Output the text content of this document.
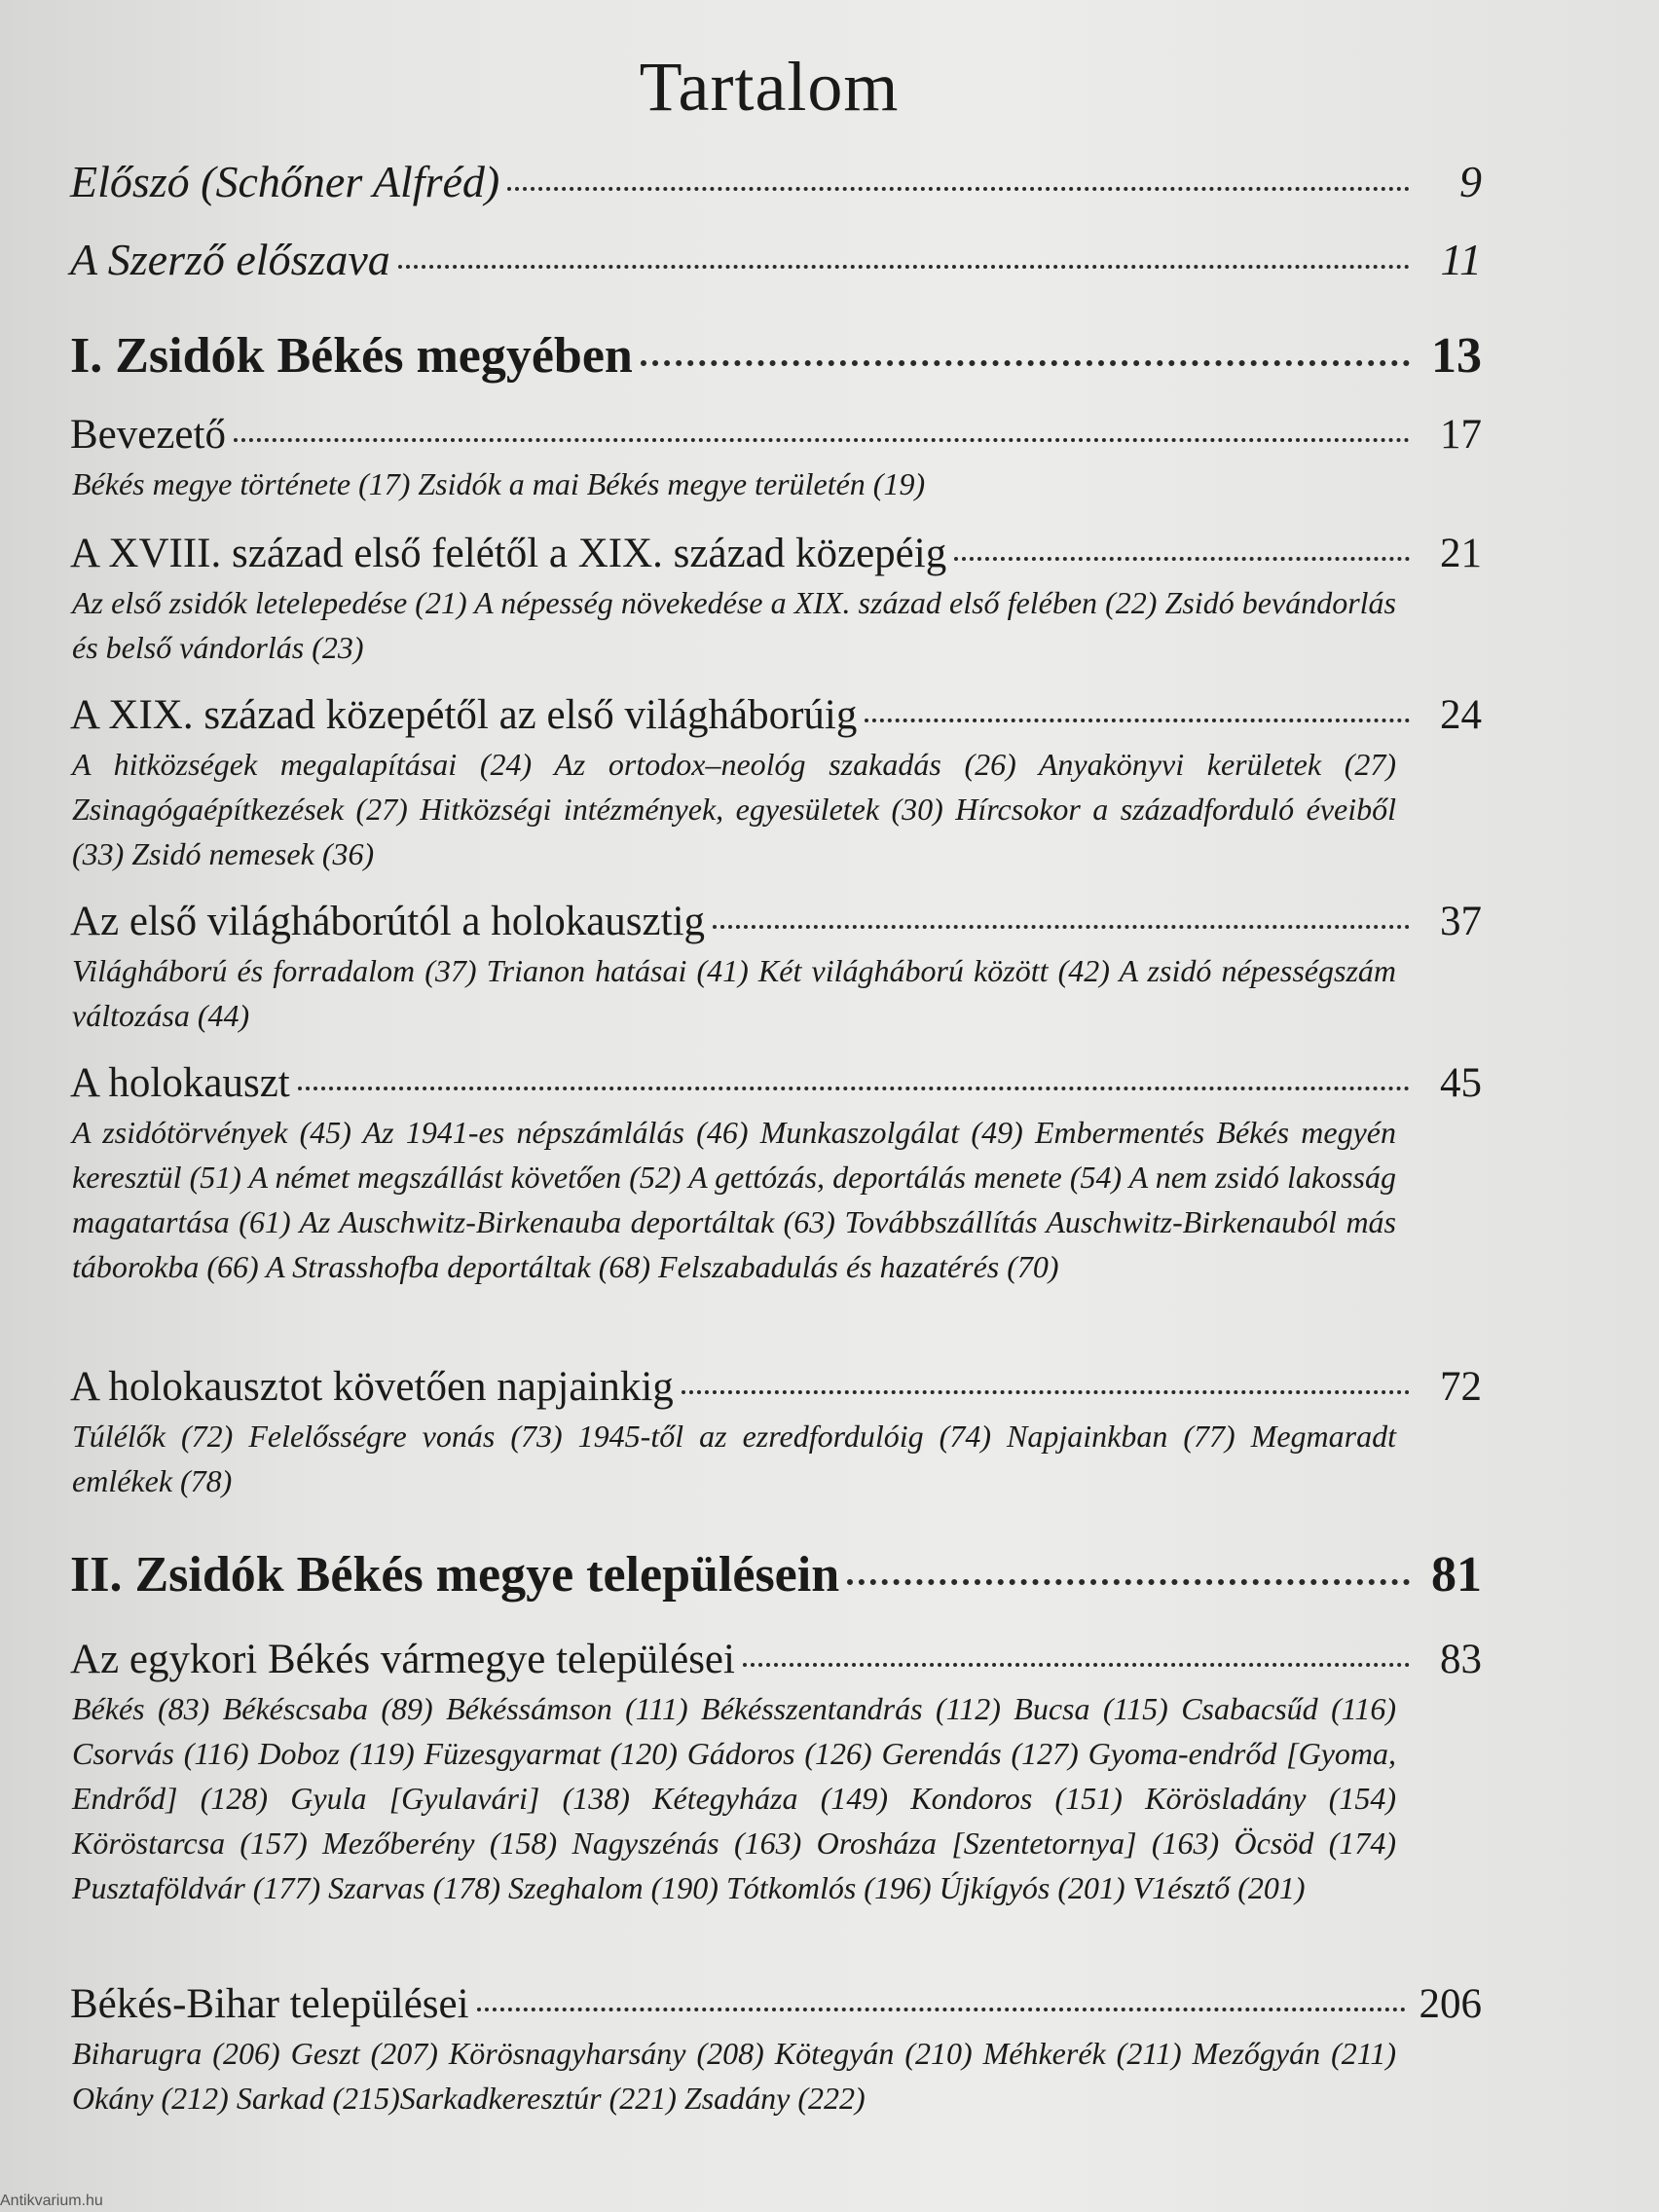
Tartalom
Előszó (Schőner Alfréd)	9
A Szerző előszava	11
I. Zsidók Békés megyében	13
Bevezető	17
Békés megye története (17) Zsidók a mai Békés megye területén (19)
A XVIII. század első felétől a XIX. század közepéig	21
Az első zsidók letelepedése (21) A népesség növekedése a XIX. század első felében (22) Zsidó bevándorlás és belső vándorlás (23)
A XIX. század közepétől az első világháborúig	24
A hitközségek megalapításai (24) Az ortodox–neológ szakadás (26) Anyakönyvi kerületek (27) Zsinagógaépítkezések (27) Hitközségi intézmények, egyesületek (30) Hírcsokor a századforduló éveiből (33) Zsidó nemesek (36)
Az első világháborútól a holokausztig	37
Világháború és forradalom (37) Trianon hatásai (41) Két világháború között (42) A zsidó népességszám változása (44)
A holokauszt	45
A zsidótörvények (45) Az 1941-es népszámlálás (46) Munkaszolgálat (49) Embermentés Békés megyén keresztül (51) A német megszállást követően (52) A gettózás, deportálás menete (54) A nem zsidó lakosság magatartása (61) Az Auschwitz-Birkenauba deportáltak (63) Továbbszállítás Auschwitz-Birkenauból más táborokba (66) A Strasshofba deportáltak (68) Felszabadulás és hazatérés (70)
A holokausztot követően napjainkig	72
Túlélők (72) Felelősségre vonás (73) 1945-től az ezredfordulóig (74) Napjainkban (77) Megmaradt emlékek (78)
II. Zsidók Békés megye településein	81
Az egykori Békés vármegye települései	83
Békés (83) Békéscsaba (89) Békéssámson (111) Békésszentandrás (112) Bucsa (115) Csabacsűd (116) Csorvás (116) Doboz (119) Füzesgyarmat (120) Gádoros (126) Gerendás (127) Gyoma-endrőd [Gyoma, Endrőd] (128) Gyula [Gyulavári] (138) Kétegyháza (149) Kondoros (151) Körösladány (154) Köröstarcsa (157) Mezőberény (158) Nagyszénás (163) Orosháza [Szentetornya] (163) Öcsöd (174) Pusztaföldvár (177) Szarvas (178) Szeghalom (190) Tótkomlós (196) Újkígyós (201) V1észtő (201)
Békés-Bihar települései	206
Biharugra (206) Geszt (207) Körösnagyharsány (208) Kötegyán (210) Méhkerék (211) Mezőgyán (211) Okány (212) Sarkad (215)Sarkadkeresztúr (221) Zsadány (222)
Antikvarium.hu
